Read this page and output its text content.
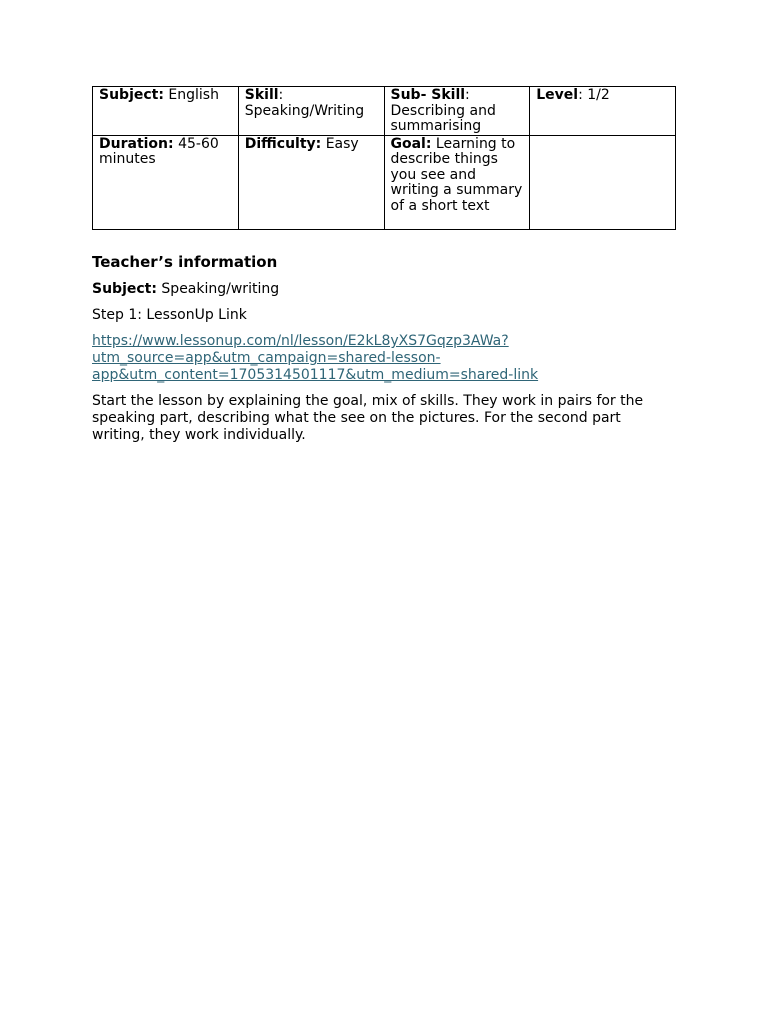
Subject: English	Skill: Speaking/Writing	Sub- Skill: Describing and summarising	Level: 1/2
Duration: 45-60 minutes	Difficulty: Easy	Goal: Learning to describe things you see and writing a summary of a short text	
Teacher’s information

Subject: Speaking/writing

Step 1: LessonUp Link

https://www.lessonup.com/nl/lesson/E2kL8yXS7Gqzp3AWa?
utm_source=app&utm_campaign=shared-lesson-
app&utm_content=1705314501117&utm_medium=shared-link

Start the lesson by explaining the goal, mix of skills. They work in pairs for the speaking part, describing what the see on the pictures. For the second part writing, they work individually.
